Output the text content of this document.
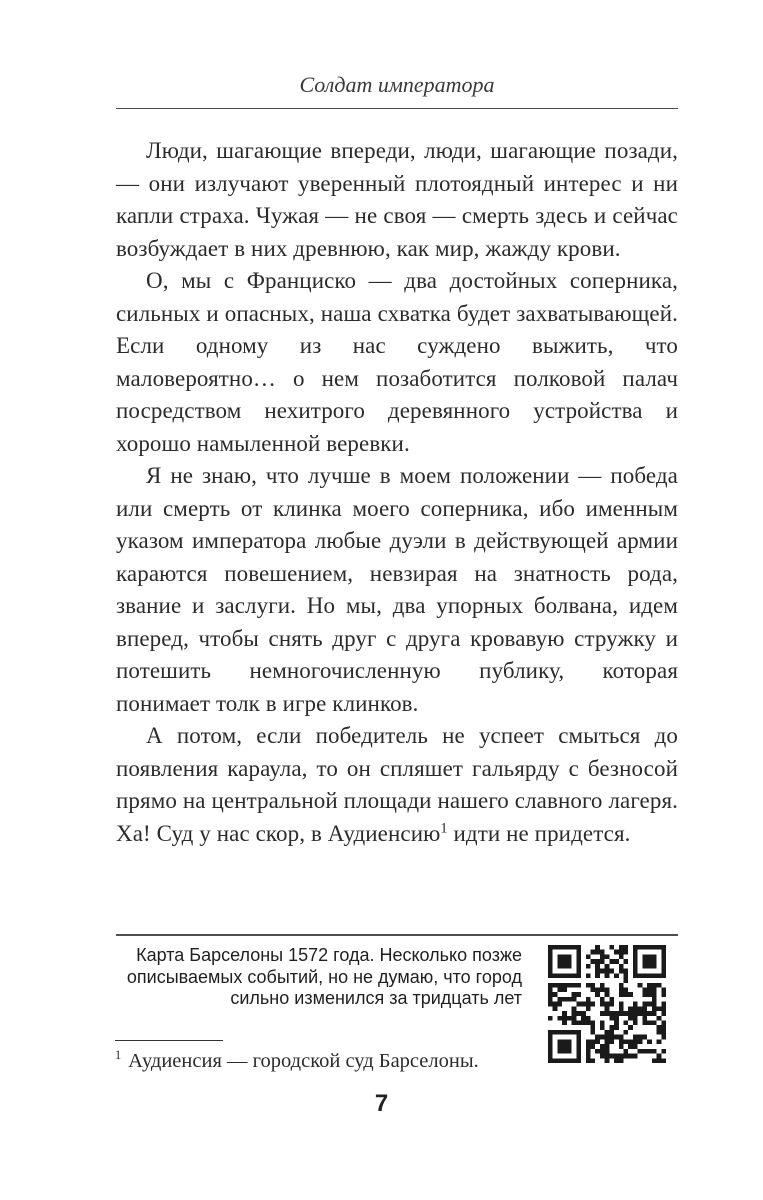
Солдат императора

Люди, шагающие впереди, люди, шагающие позади, — они излучают уверенный плотоядный интерес и ни капли страха. Чужая — не своя — смерть здесь и сейчас возбуждает в них древнюю, как мир, жажду крови.

О, мы с Франциско — два достойных соперника, сильных и опасных, наша схватка будет захватывающей. Если одному из нас суждено выжить, что маловероятно… о нем позаботится полковой палач посредством нехитрого деревянного устройства и хорошо намыленной веревки.

Я не знаю, что лучше в моем положении — победа или смерть от клинка моего соперника, ибо именным указом императора любые дуэли в действующей армии караются повешением, невзирая на знатность рода, звание и заслуги. Но мы, два упорных болвана, идем вперед, чтобы снять друг с друга кровавую стружку и потешить немногочисленную публику, которая понимает толк в игре клинков.

А потом, если победитель не успеет смыться до появления караула, то он спляшет гальярду с безносой прямо на центральной площади нашего славного лагеря. Ха! Суд у нас скор, в Аудиенсию$^1$ идти не придется.

Карта Барселоны 1572 года. Несколько позже описываемых событий, но не думаю, что город сильно изменился за тридцать лет
$^1$ Аудиенсия — городской суд Барселоны.
7
